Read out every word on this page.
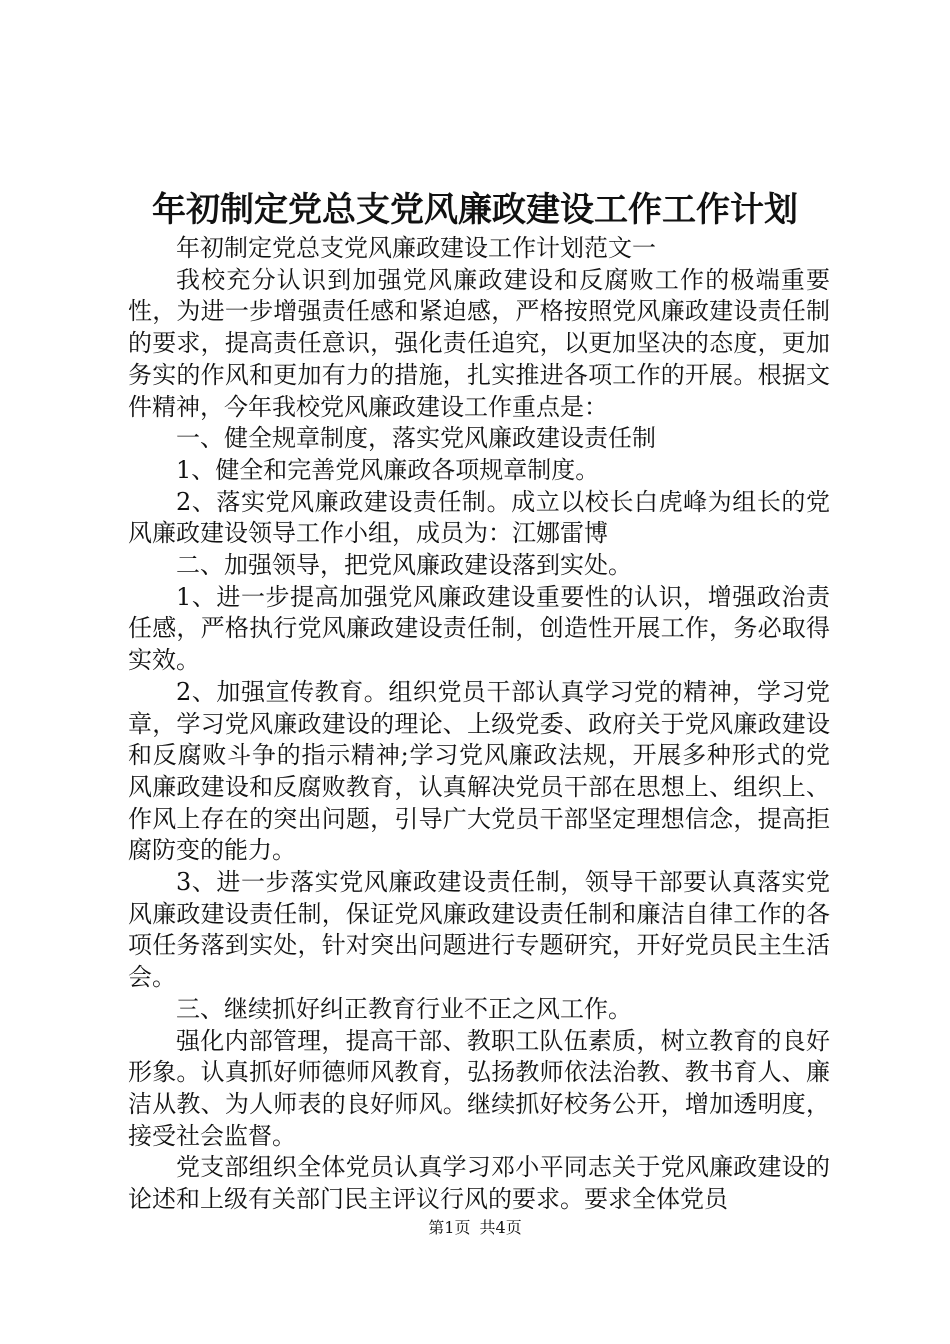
年初制定党总支党风廉政建设工作工作计划

年初制定党总支党风廉政建设工作计划范文一

我校充分认识到加强党风廉政建设和反腐败工作的极端重要性，为进一步增强责任感和紧迫感，严格按照党风廉政建设责任制的要求，提高责任意识，强化责任追究，以更加坚决的态度，更加务实的作风和更加有力的措施，扎实推进各项工作的开展。根据文件精神，今年我校党风廉政建设工作重点是：

一、健全规章制度，落实党风廉政建设责任制

1、健全和完善党风廉政各项规章制度。

2、落实党风廉政建设责任制。成立以校长白虎峰为组长的党风廉政建设领导工作小组，成员为：江娜雷博

二、加强领导，把党风廉政建设落到实处。

1、进一步提高加强党风廉政建设重要性的认识，增强政治责任感，严格执行党风廉政建设责任制，创造性开展工作，务必取得实效。

2、加强宣传教育。组织党员干部认真学习党的精神，学习党章，学习党风廉政建设的理论、上级党委、政府关于党风廉政建设和反腐败斗争的指示精神;学习党风廉政法规，开展多种形式的党风廉政建设和反腐败教育，认真解决党员干部在思想上、组织上、作风上存在的突出问题，引导广大党员干部坚定理想信念，提高拒腐防变的能力。

3、进一步落实党风廉政建设责任制，领导干部要认真落实党风廉政建设责任制，保证党风廉政建设责任制和廉洁自律工作的各项任务落到实处，针对突出问题进行专题研究，开好党员民主生活会。

三、继续抓好纠正教育行业不正之风工作。

强化内部管理，提高干部、教职工队伍素质，树立教育的良好形象。认真抓好师德师风教育，弘扬教师依法治教、教书育人、廉洁从教、为人师表的良好师风。继续抓好校务公开，增加透明度，接受社会监督。

党支部组织全体党员认真学习邓小平同志关于党风廉政建设的论述和上级有关部门民主评议行风的要求。要求全体党员

第1页 共4页
